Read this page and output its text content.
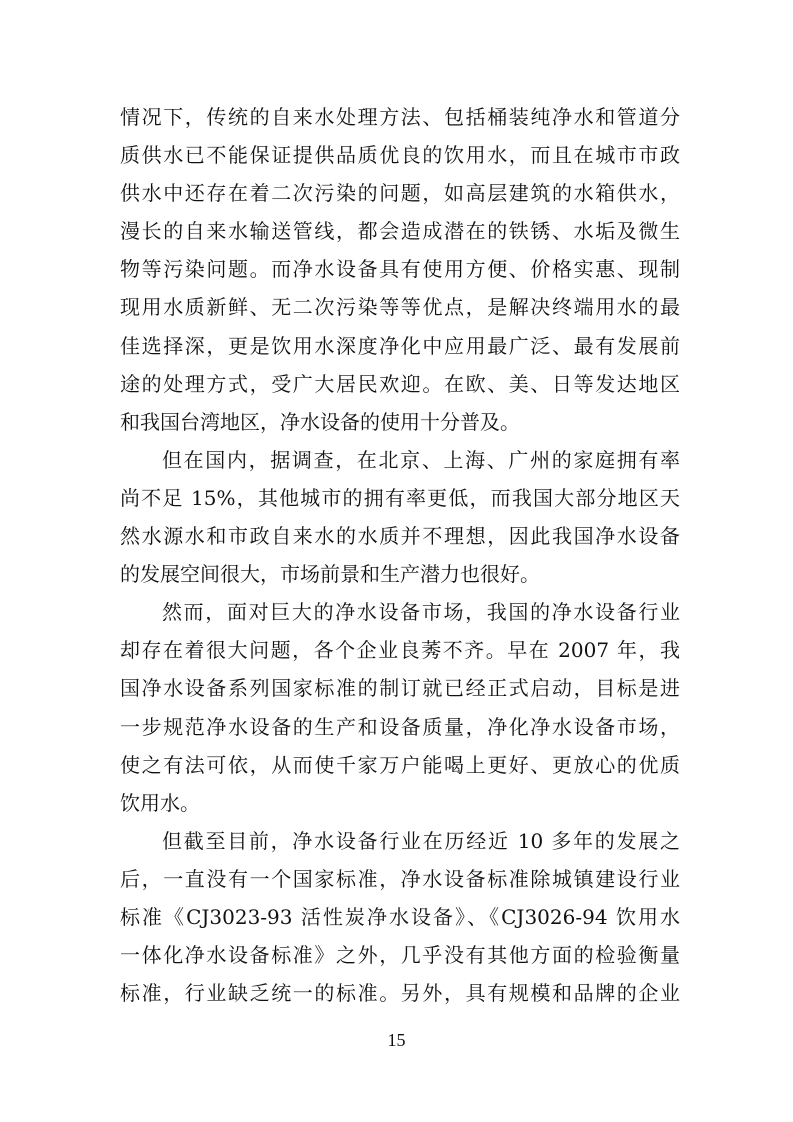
情况下，传统的自来水处理方法、包括桶装纯净水和管道分
质供水已不能保证提供品质优良的饮用水，而且在城市市政
供水中还存在着二次污染的问题，如高层建筑的水箱供水，
漫长的自来水输送管线，都会造成潜在的铁锈、水垢及微生
物等污染问题。而净水设备具有使用方便、价格实惠、现制
现用水质新鲜、无二次污染等等优点，是解决终端用水的最
佳选择深，更是饮用水深度净化中应用最广泛、最有发展前
途的处理方式，受广大居民欢迎。在欧、美、日等发达地区
和我国台湾地区，净水设备的使用十分普及。
但在国内，据调查，在北京、上海、广州的家庭拥有率
尚不足 15%，其他城市的拥有率更低，而我国大部分地区天
然水源水和市政自来水的水质并不理想，因此我国净水设备
的发展空间很大，市场前景和生产潜力也很好。
然而，面对巨大的净水设备市场，我国的净水设备行业
却存在着很大问题，各个企业良莠不齐。早在 2007 年，我
国净水设备系列国家标准的制订就已经正式启动，目标是进
一步规范净水设备的生产和设备质量，净化净水设备市场，
使之有法可依，从而使千家万户能喝上更好、更放心的优质
饮用水。
但截至目前，净水设备行业在历经近 10 多年的发展之
后，一直没有一个国家标准，净水设备标准除城镇建设行业
标准《CJ3023-93 活性炭净水设备》、《CJ3026-94 饮用水
一体化净水设备标准》之外，几乎没有其他方面的检验衡量
标准，行业缺乏统一的标准。另外，具有规模和品牌的企业
15
